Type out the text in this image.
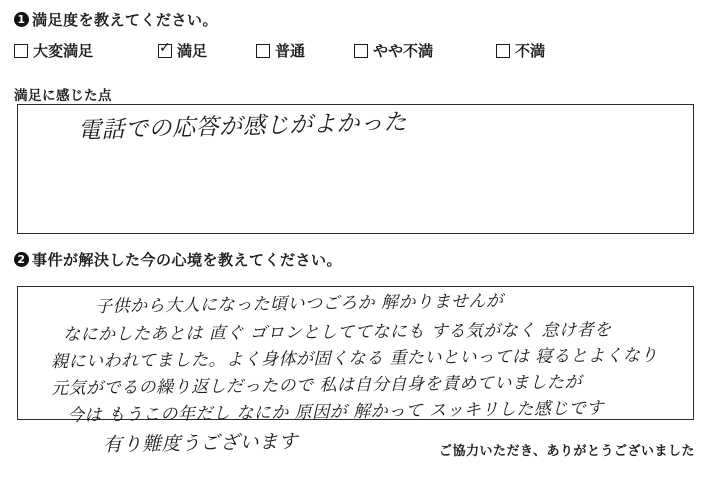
1 満足度を教えてください。
大変満足	✓ 満足	普通	やや不満	不満
満足に感じた点
電話での応答が感じがよかった
2 事件が解決した今の心境を教えてください。
子供から大人になった頃いつごろか 解かりませんが
なにかしたあとは 直ぐ ゴロンとしててなにも する気がなく 怠け者を
親にいわれてました。よく身体が固くなる 重たいといっては 寝るとよくなり
元気がでるの繰り返しだったので 私は自分自身を責めていましたが
今は もうこの年だし なにか 原因が 解かって スッキリした感じです
有り難度うございます	ご協力いただき、ありがとうございました
